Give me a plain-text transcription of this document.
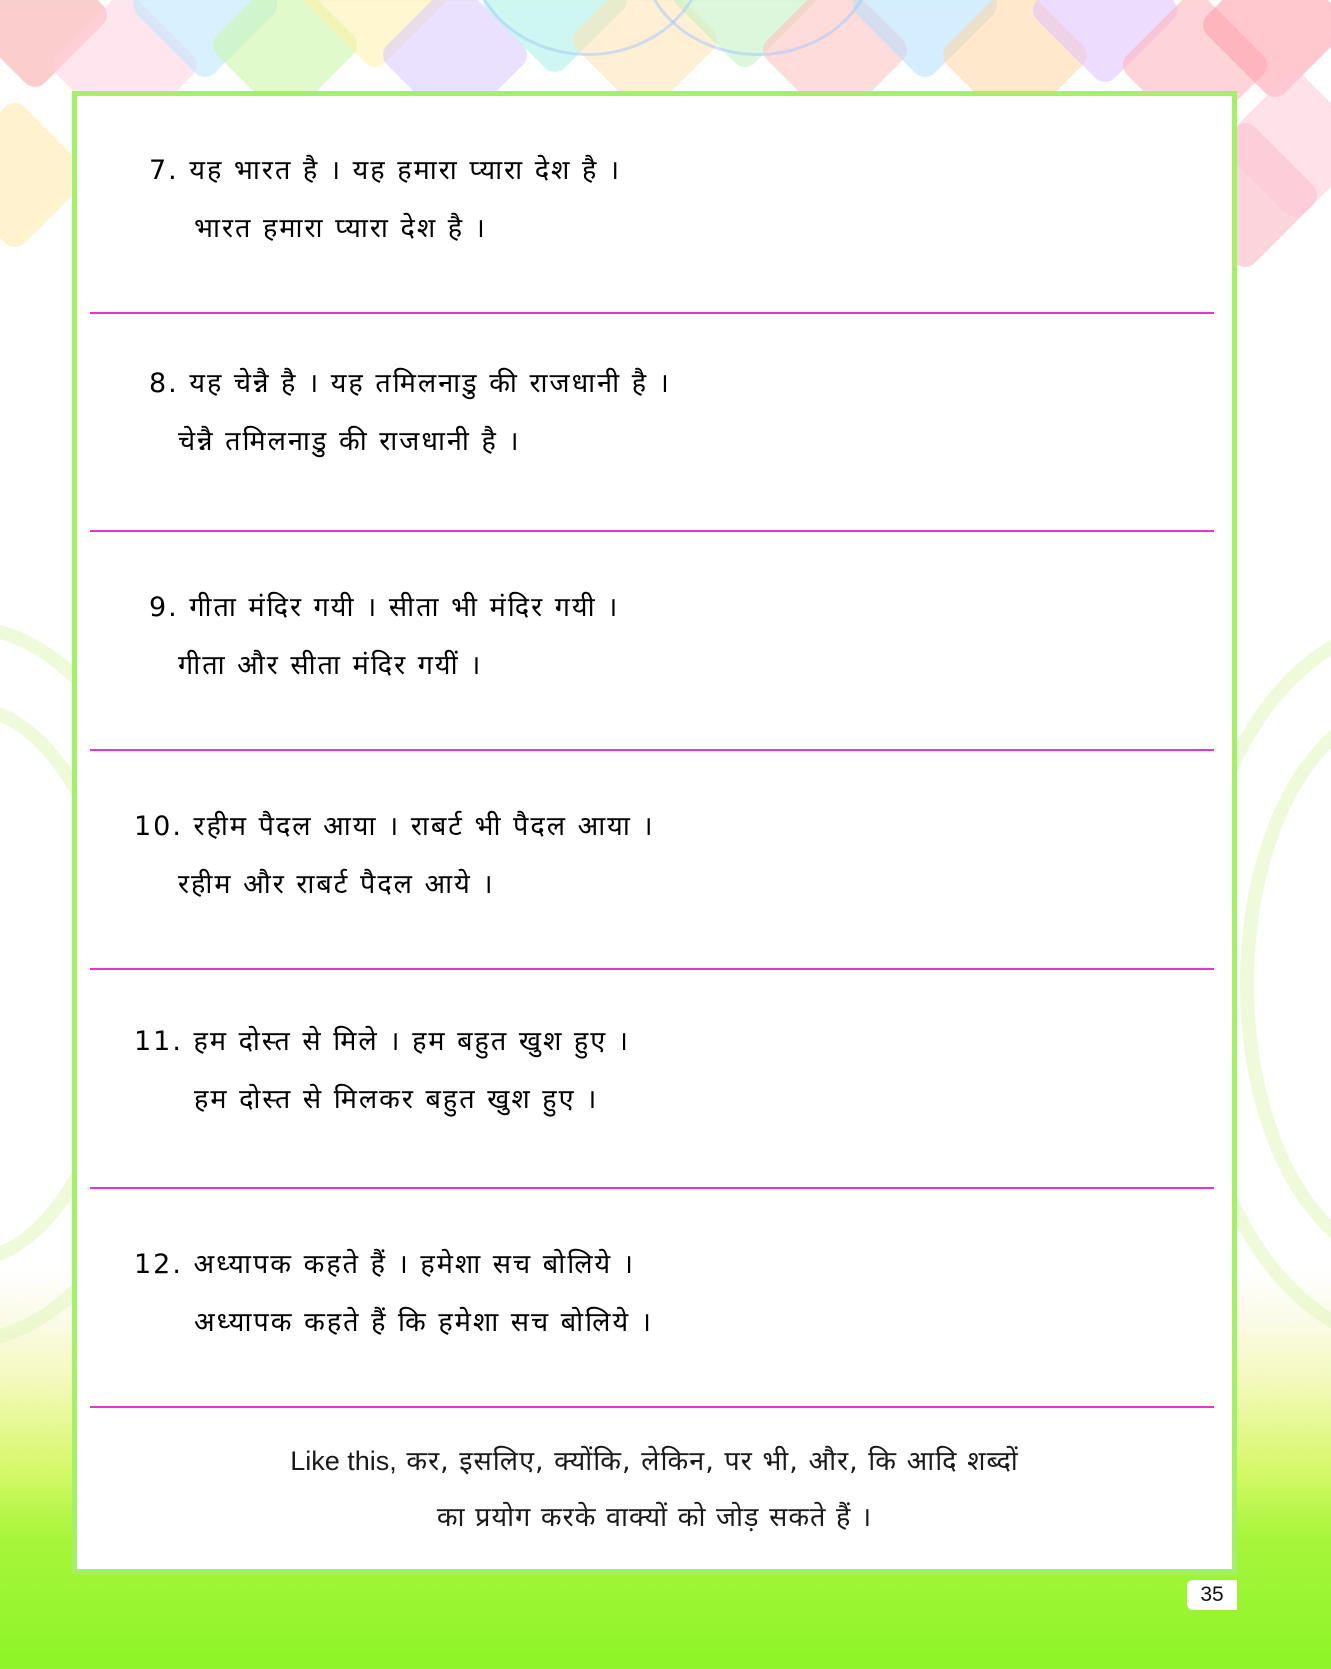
7. यह भारत है । यह हमारा प्यारा देश है ।
भारत हमारा प्यारा देश है ।
8. यह चेन्नै है । यह तमिलनाडु की राजधानी है ।
चेन्नै तमिलनाडु की राजधानी है ।
9. गीता मंदिर गयी । सीता भी मंदिर गयी ।
गीता और सीता मंदिर गयीं ।
10. रहीम पैदल आया । राबर्ट भी पैदल आया ।
रहीम और राबर्ट पैदल आये ।
11. हम दोस्त से मिले । हम बहुत खुश हुए ।
हम दोस्त से मिलकर बहुत खुश हुए ।
12. अध्यापक कहते हैं । हमेशा सच बोलिये ।
अध्यापक कहते हैं कि हमेशा सच बोलिये ।
Like this, कर, इसलिए, क्योंकि, लेकिन, पर भी, और, कि आदि शब्दों
का प्रयोग करके वाक्यों को जोड़ सकते हैं ।
35
